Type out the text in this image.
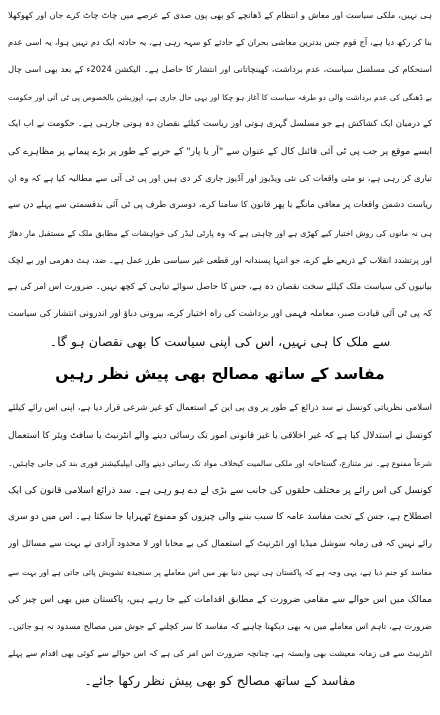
ہی نہیں، ملکی سیاست اور معاش و انتظام کے ڈھانچے کو بھی پون صدی کے عرصے میں چاٹ چاٹ کرے جان اور کھوکھلا
بنا کر رکھ دیا ہے، آج قوم جس بدترین معاشی بحران کے حادثے کو سہہ رہی ہے، یہ حادثہ ایک دم نہیں ہوا، یہ اسی عدم
استحکام کی مسلسل سیاست، عدم برداشت، کھینچاتانی اور انتشار کا حاصل ہے۔ الیکشن 2024ء کے بعد بھی اسی چال
بے ڈھنگی کی عدم برداشت والی دو طرفہ سیاست کا آغاز ہو چکا اور یہی حال جاری ہے، اپوزیشن بالخصوص پی ٹی آئی اور حکومت
کے درمیان ایک کشاکش ہے جو مسلسل گہری ہوتی اور ریاست کیلئے نقصان دہ ہوتی جارہی ہے۔ حکومت نے اب ایک
ایسے موقع پر جب پی ٹی آئی فائنل کال کے عنوان سے "آر یا پار" کے حربے کے طور پر بڑے پیمانے پر مظاہرے کی
تیاری کر رہی ہے، نو مئی واقعات کی نئی ویڈیوز اور آڈیوز جاری کر دی ہیں اور پی ٹی آئی سے مطالبہ کیا ہے کہ وہ ان
ریاست دشمن واقعات پر معافی مانگے یا پھر قانون کا سامنا کرے، دوسری طرف پی ٹی آئی بدقسمتی سے پہلے دن سے
ہی نہ مانوں کی روش اختیار کیے کھڑی ہے اور چاہتی ہے کہ وہ پارٹی لیڈر کی خواہشات کے مطابق ملک کے مستقبل مار دھاڑ
اور پرتشدد انقلاب کے ذریعے طے کرے، جو انتہا پسندانہ اور قطعی غیر سیاسی طرز عمل ہے۔ ضد، ہٹ دھرمی اور بے لچک
بیانیوں کی سیاست ملک کیلئے سخت نقصان دہ ہے، جس کا حاصل سوائے تباہی کے کچھ نہیں۔ ضرورت اس امر کی ہے
کہ پی ٹی آئی قیادت صبر، معاملہ فہمی اور برداشت کی راہ اختیار کرے، بیرونی دباؤ اور اندرونی انتشار کی سیاست
سے ملک کا ہی نہیں، اس کی اپنی سیاست کا بھی نقصان ہو گا۔
مفاسد کے ساتھ مصالح بھی پیش نظر رہیں
اسلامی نظریاتی کونسل نے سد ذرائع کے طور پر وی پی این کے استعمال کو غیر شرعی قرار دیا ہے، اپنی اس رائے کیلئے
کونسل نے استدلال کیا ہے کہ غیر اخلاقی یا غیر قانونی امور تک رسائی دینے والے انٹرنیٹ یا سافٹ ویئر کا استعمال
شرعاً ممنوع ہے۔ نیز متنازع، گستاخانہ اور ملکی سالمیت کیخلاف مواد تک رسائی دینے والی ایپلیکیشنز فوری بند کی جانی چاہئیں۔
کونسل کی اس رائے پر مختلف حلقوں کی جانب سے بڑی لے دے ہو رہی ہے۔ سد ذرائع اسلامی قانون کی ایک
اصطلاح ہے، جس کے تحت مفاسد عامہ کا سبب بننے والی چیزوں کو ممنوع ٹھہرایا جا سکتا ہے۔ اس میں دو سری
رائے نہیں کہ فی زمانہ سوشل میڈیا اور انٹرنیٹ کے استعمال کی بے محابا اور لا محدود آزادی نے بہت سے مسائل اور
مفاسد کو جنم دیا ہے، یہی وجہ ہے کہ پاکستان ہی نہیں دنیا بھر میں اس معاملے پر سنجیدہ تشویش پائی جاتی ہے اور بہت سے
ممالک میں اس حوالے سے مقامی ضرورت کے مطابق اقدامات کیے جا رہے ہیں، پاکستان میں بھی اس چیز کی
ضرورت ہے، تاہم اس معاملے میں یہ بھی دیکھنا چاہیے کہ مفاسد کا سر کچلنے کے جوش میں مصالح مسدود نہ ہو جائیں۔
انٹرنیٹ سے فی زمانہ معیشت بھی وابستہ ہے، چنانچہ ضرورت اس امر کی ہے کہ اس حوالے سے کوئی بھی اقدام سے پہلے
مفاسد کے ساتھ مصالح کو بھی پیش نظر رکھا جائے۔
